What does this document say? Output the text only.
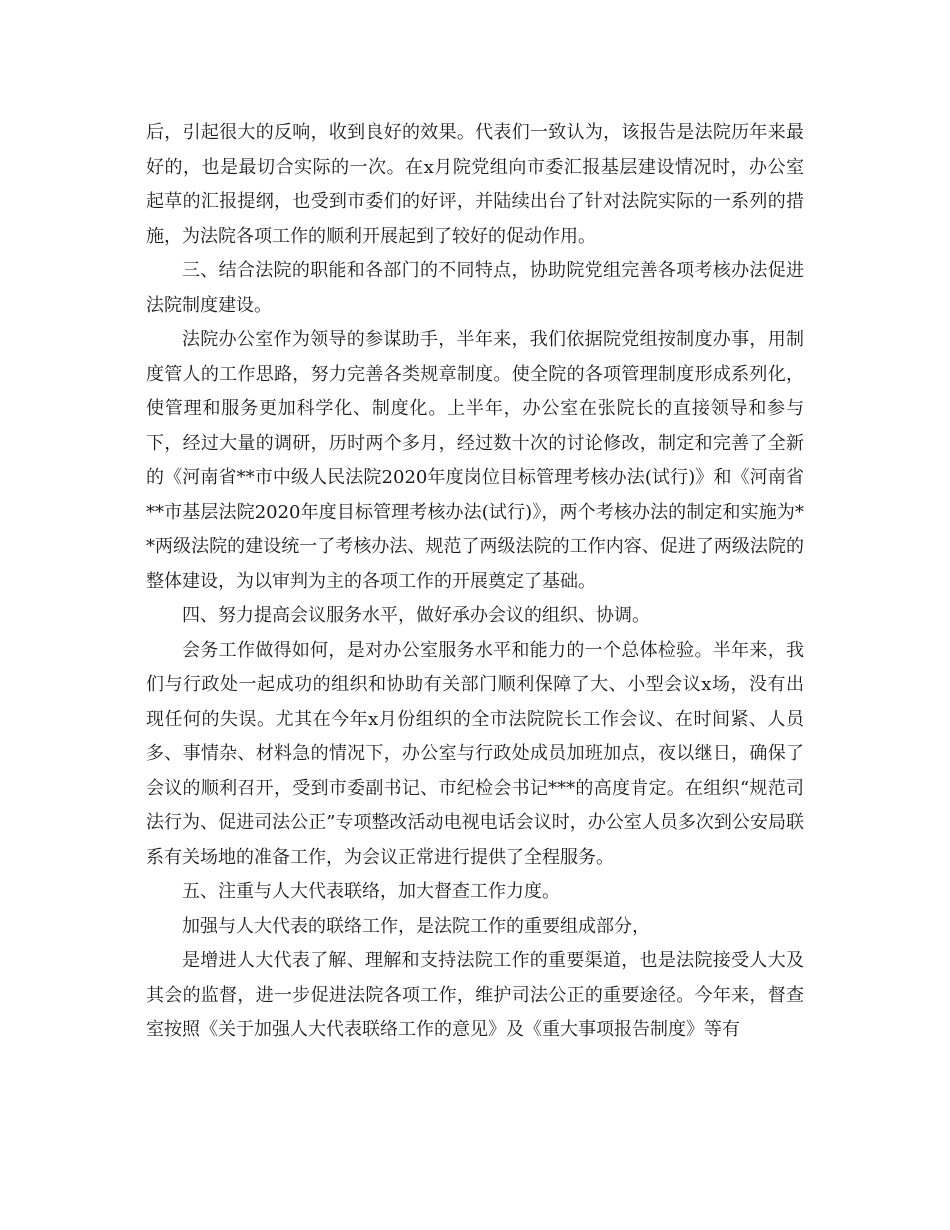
后，引起很大的反响，收到良好的效果。代表们一致认为，该报告是法院历年来最好的，也是最切合实际的一次。在x月院党组向市委汇报基层建设情况时，办公室起草的汇报提纲，也受到市委们的好评，并陆续出台了针对法院实际的一系列的措施，为法院各项工作的顺利开展起到了较好的促动作用。

三、结合法院的职能和各部门的不同特点，协助院党组完善各项考核办法促进法院制度建设。

法院办公室作为领导的参谋助手，半年来，我们依据院党组按制度办事，用制度管人的工作思路，努力完善各类规章制度。使全院的各项管理制度形成系列化，使管理和服务更加科学化、制度化。上半年，办公室在张院长的直接领导和参与下，经过大量的调研，历时两个多月，经过数十次的讨论修改，制定和完善了全新的《河南省**市中级人民法院2020年度岗位目标管理考核办法(试行)》和《河南省**市基层法院2020年度目标管理考核办法(试行)》，两个考核办法的制定和实施为**两级法院的建设统一了考核办法、规范了两级法院的工作内容、促进了两级法院的整体建设，为以审判为主的各项工作的开展奠定了基础。

四、努力提高会议服务水平，做好承办会议的组织、协调。

会务工作做得如何，是对办公室服务水平和能力的一个总体检验。半年来，我们与行政处一起成功的组织和协助有关部门顺利保障了大、小型会议x场，没有出现任何的失误。尤其在今年x月份组织的全市法院院长工作会议、在时间紧、人员多、事情杂、材料急的情况下，办公室与行政处成员加班加点，夜以继日，确保了会议的顺利召开，受到市委副书记、市纪检会书记***的高度肯定。在组织“规范司法行为、促进司法公正”专项整改活动电视电话会议时，办公室人员多次到公安局联系有关场地的准备工作，为会议正常进行提供了全程服务。

五、注重与人大代表联络，加大督查工作力度。

加强与人大代表的联络工作，是法院工作的重要组成部分，

是增进人大代表了解、理解和支持法院工作的重要渠道，也是法院接受人大及其会的监督，进一步促进法院各项工作，维护司法公正的重要途径。今年来，督查室按照《关于加强人大代表联络工作的意见》及《重大事项报告制度》等有
